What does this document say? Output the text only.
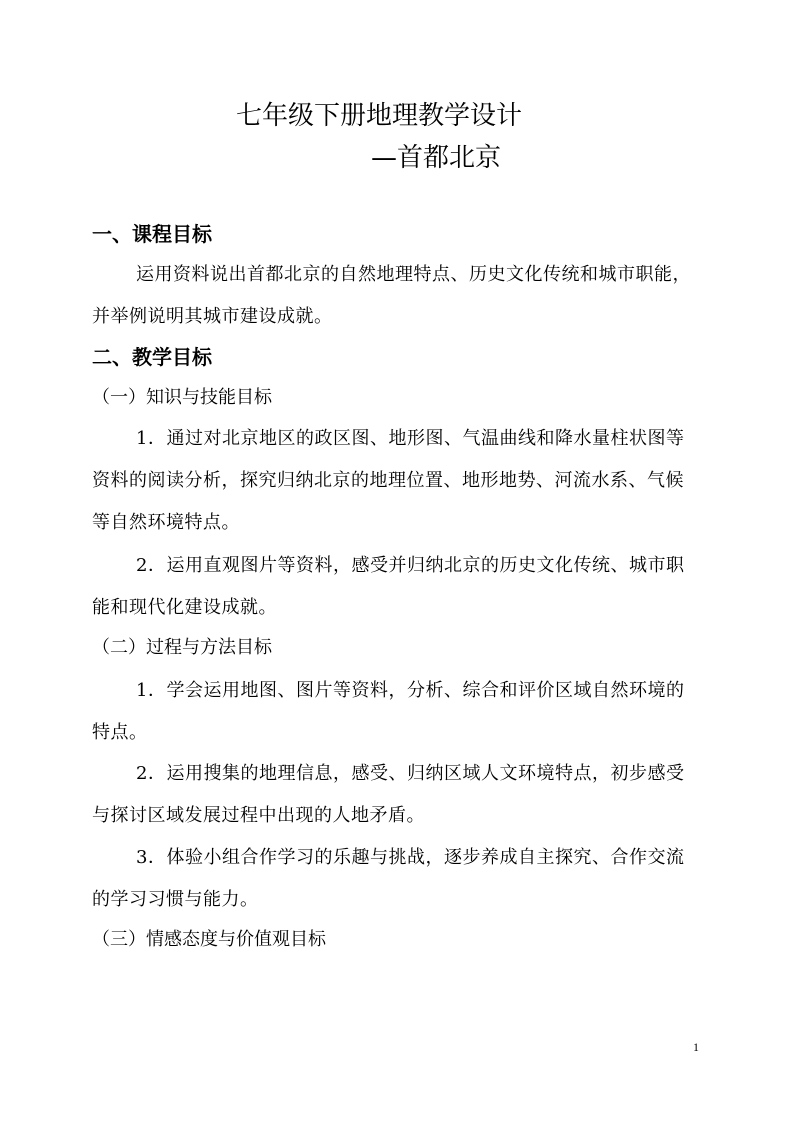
七年级下册地理教学设计
—首都北京
一、课程目标
运用资料说出首都北京的自然地理特点、历史文化传统和城市职能，并举例说明其城市建设成就。
二、教学目标
（一）知识与技能目标
1．通过对北京地区的政区图、地形图、气温曲线和降水量柱状图等资料的阅读分析，探究归纳北京的地理位置、地形地势、河流水系、气候等自然环境特点。
2．运用直观图片等资料，感受并归纳北京的历史文化传统、城市职能和现代化建设成就。
（二）过程与方法目标
1．学会运用地图、图片等资料，分析、综合和评价区域自然环境的特点。
2．运用搜集的地理信息，感受、归纳区域人文环境特点，初步感受与探讨区域发展过程中出现的人地矛盾。
3．体验小组合作学习的乐趣与挑战，逐步养成自主探究、合作交流的学习习惯与能力。
（三）情感态度与价值观目标
1
